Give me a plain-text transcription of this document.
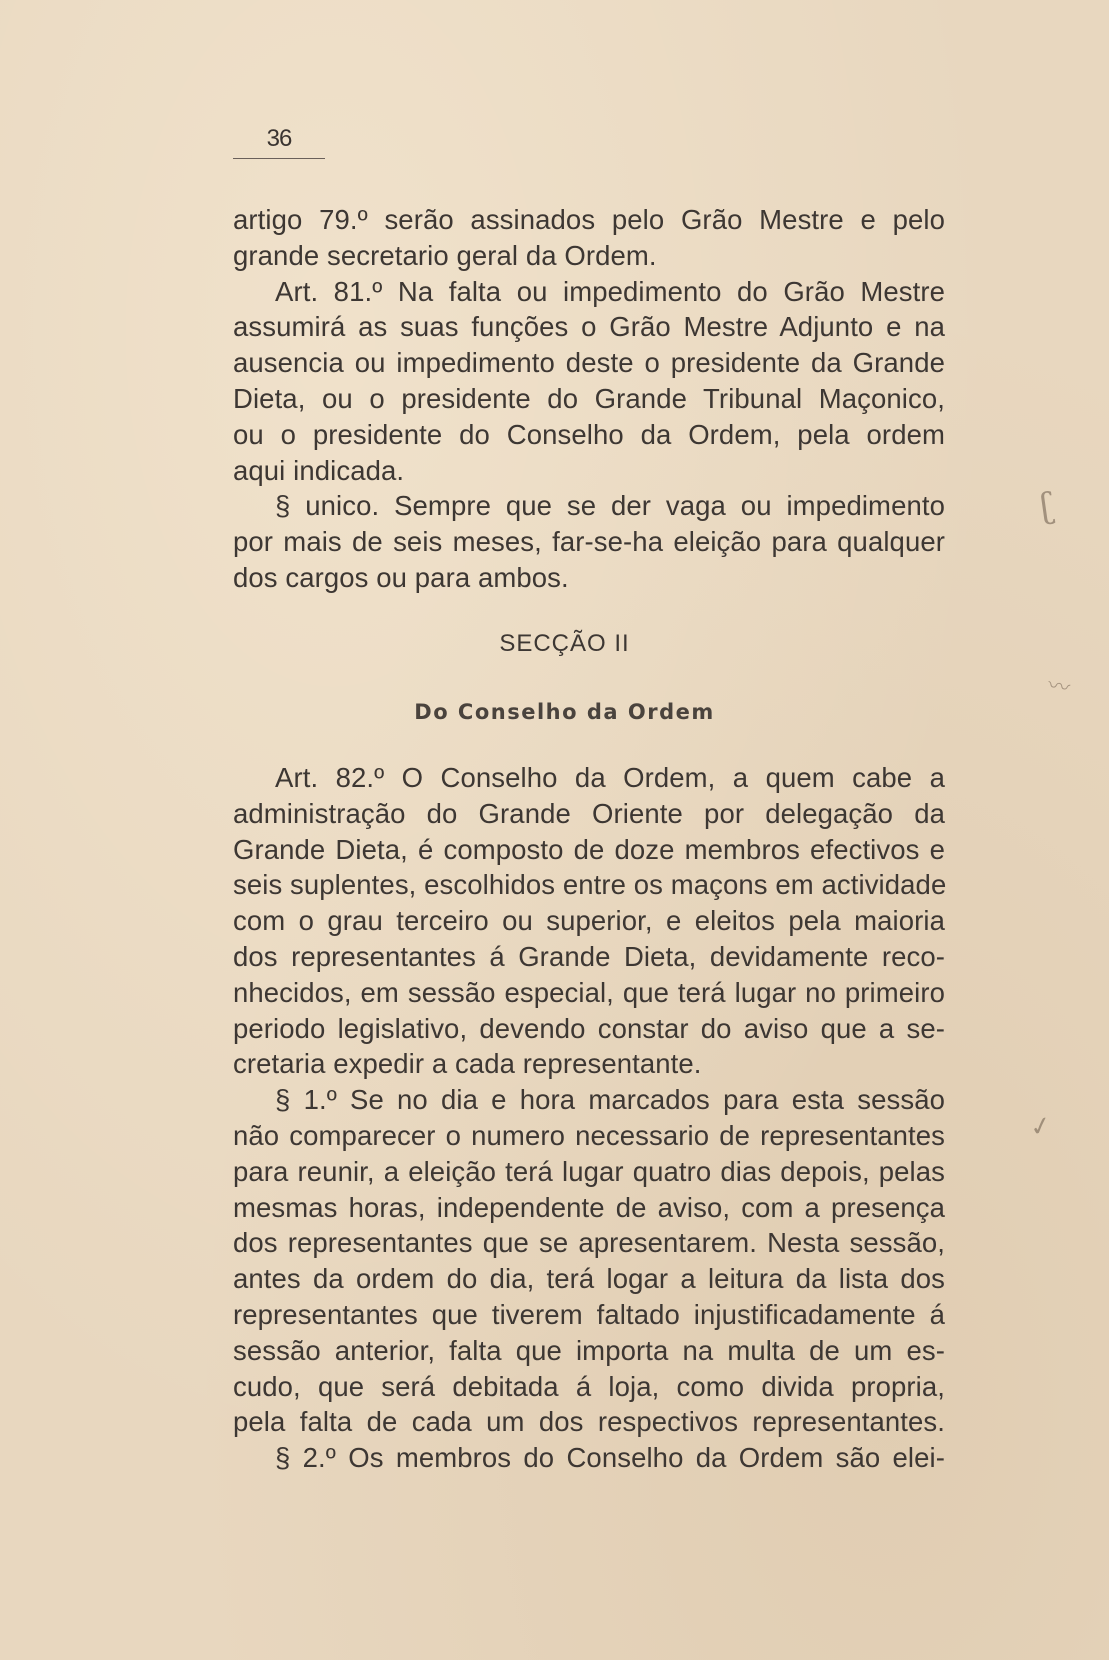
36
artigo 79.º serão assinados pelo Grão Mestre e pelo
grande secretario geral da Ordem.
Art. 81.º Na falta ou impedimento do Grão Mestre
assumirá as suas funções o Grão Mestre Adjunto e na
ausencia ou impedimento deste o presidente da Grande
Dieta, ou o presidente do Grande Tribunal Maçonico,
ou o presidente do Conselho da Ordem, pela ordem
aqui indicada.
§ unico. Sempre que se der vaga ou impedimento
por mais de seis meses, far-se-ha eleição para qualquer
dos cargos ou para ambos.
SECÇÃO II
Do Conselho da Ordem
Art. 82.º O Conselho da Ordem, a quem cabe a
administração do Grande Oriente por delegação da
Grande Dieta, é composto de doze membros efectivos e
seis suplentes, escolhidos entre os maçons em actividade
com o grau terceiro ou superior, e eleitos pela maioria
dos representantes á Grande Dieta, devidamente reco-
nhecidos, em sessão especial, que terá lugar no primeiro
periodo legislativo, devendo constar do aviso que a se-
cretaria expedir a cada representante.
§ 1.º Se no dia e hora marcados para esta sessão
não comparecer o numero necessario de representantes
para reunir, a eleição terá lugar quatro dias depois, pelas
mesmas horas, independente de aviso, com a presença
dos representantes que se apresentarem. Nesta sessão,
antes da ordem do dia, terá logar a leitura da lista dos
representantes que tiverem faltado injustificadamente á
sessão anterior, falta que importa na multa de um es-
cudo, que será debitada á loja, como divida propria,
pela falta de cada um dos respectivos representantes.
§ 2.º Os membros do Conselho da Ordem são elei-
ʗ
〰
✓
